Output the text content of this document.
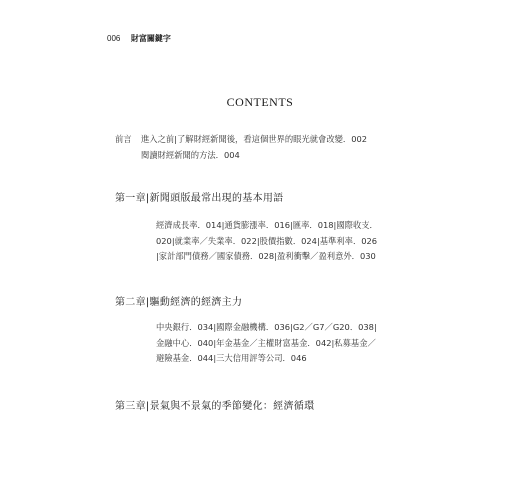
006 財富關鍵字
CONTENTS
前言	進入之前|了解財經新聞後，看這個世界的眼光就會改變．002
閱讀財經新聞的方法．004
第一章|新聞頭版最常出現的基本用語
經濟成長率．014|通貨膨漲率．016|匯率．018|國際收支．
020|就業率／失業率．022|股價指數．024|基準利率．026
|家計部門債務／國家債務．028|盈利衝擊／盈利意外．030
第二章|驅動經濟的經濟主力
中央銀行．034|國際金融機構．036|G2／G7／G20．038|
金融中心．040|年金基金／主權財富基金．042|私募基金／
避險基金．044|三大信用評等公司．046
第三章|景氣與不景氣的季節變化：經濟循環
